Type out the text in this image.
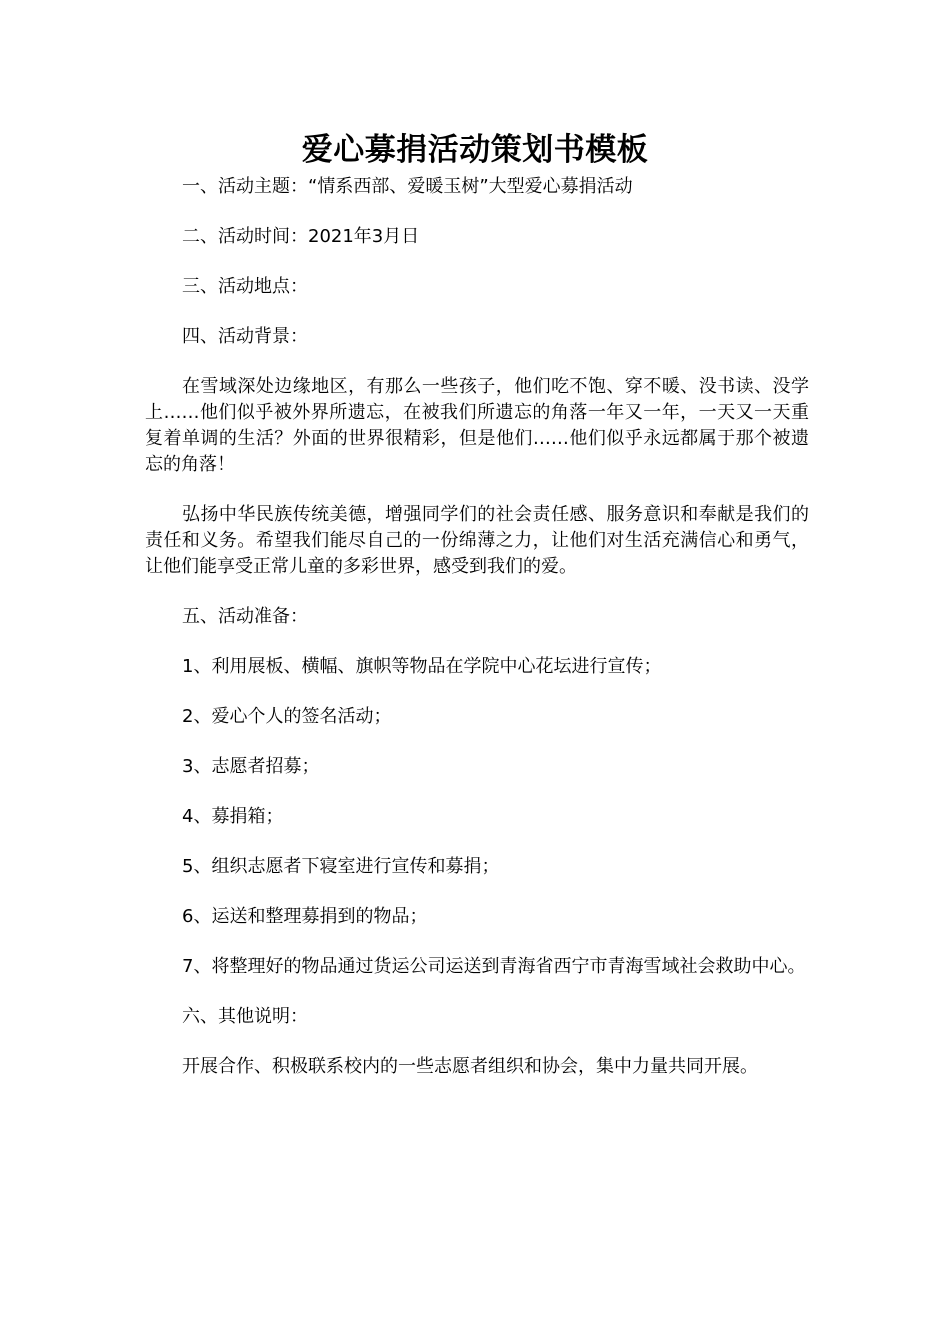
爱心募捐活动策划书模板

一、活动主题：“情系西部、爱暖玉树”大型爱心募捐活动

二、活动时间：2021年3月日

三、活动地点：

四、活动背景：

在雪域深处边缘地区，有那么一些孩子，他们吃不饱、穿不暖、没书读、没学上……他们似乎被外界所遗忘，在被我们所遗忘的角落一年又一年，一天又一天重复着单调的生活？外面的世界很精彩，但是他们……他们似乎永远都属于那个被遗忘的角落！

弘扬中华民族传统美德，增强同学们的社会责任感、服务意识和奉献是我们的责任和义务。希望我们能尽自己的一份绵薄之力，让他们对生活充满信心和勇气，让他们能享受正常儿童的多彩世界，感受到我们的爱。

五、活动准备：

1、利用展板、横幅、旗帜等物品在学院中心花坛进行宣传；

2、爱心个人的签名活动；

3、志愿者招募；

4、募捐箱；

5、组织志愿者下寝室进行宣传和募捐；

6、运送和整理募捐到的物品；

7、将整理好的物品通过货运公司运送到青海省西宁市青海雪域社会救助中心。

六、其他说明：

开展合作、积极联系校内的一些志愿者组织和协会，集中力量共同开展。
